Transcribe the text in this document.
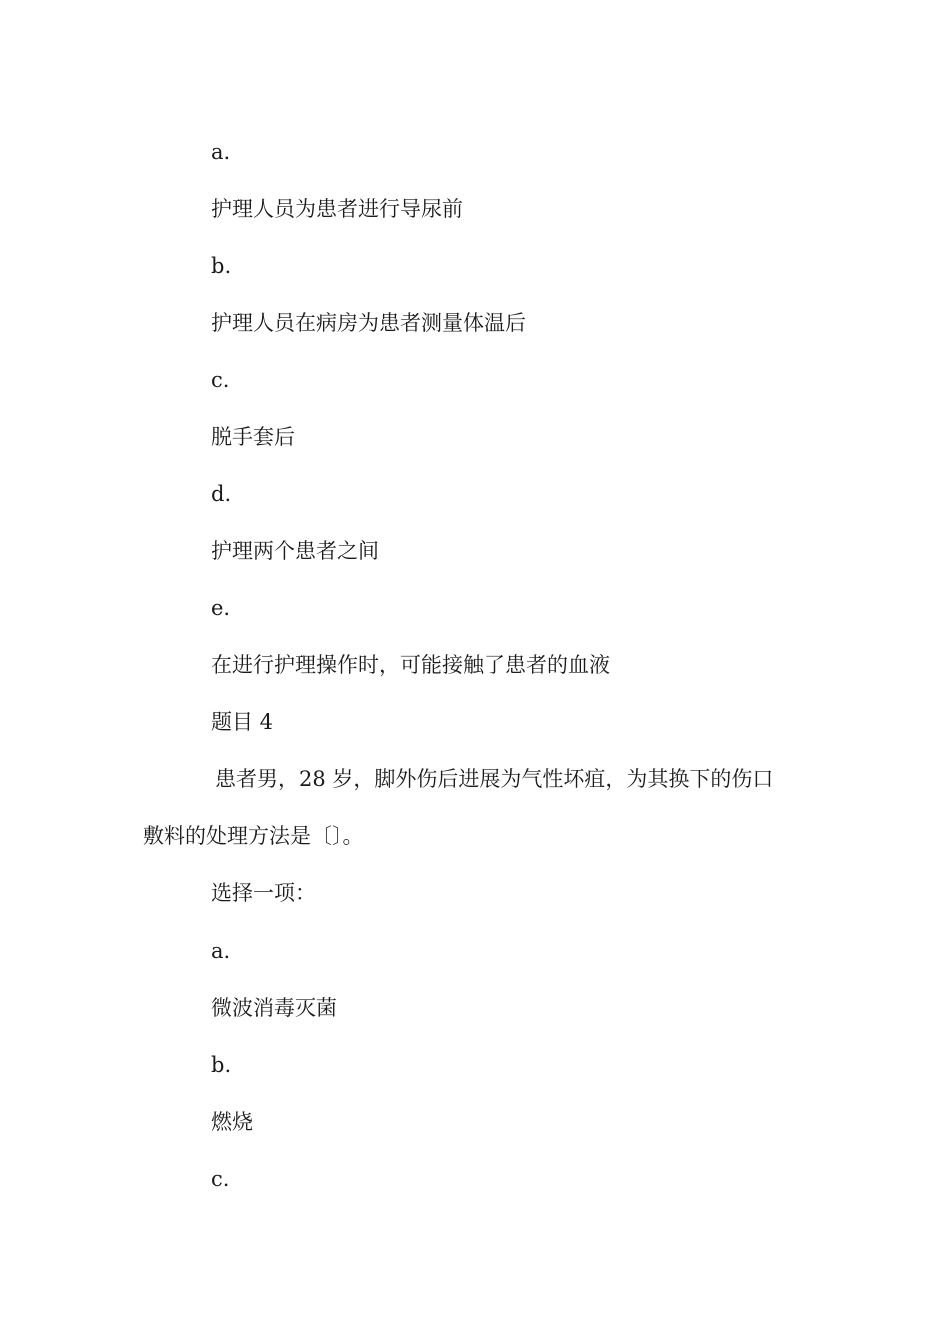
a.
护理人员为患者进行导尿前
b.
护理人员在病房为患者测量体温后
c.
脱手套后
d.
护理两个患者之间
e.
在进行护理操作时，可能接触了患者的血液
题目 4
患者男，28 岁，脚外伤后进展为气性坏疽，为其换下的伤口
敷料的处理方法是〔〕。
选择一项：
a.
微波消毒灭菌
b.
燃烧
c.
